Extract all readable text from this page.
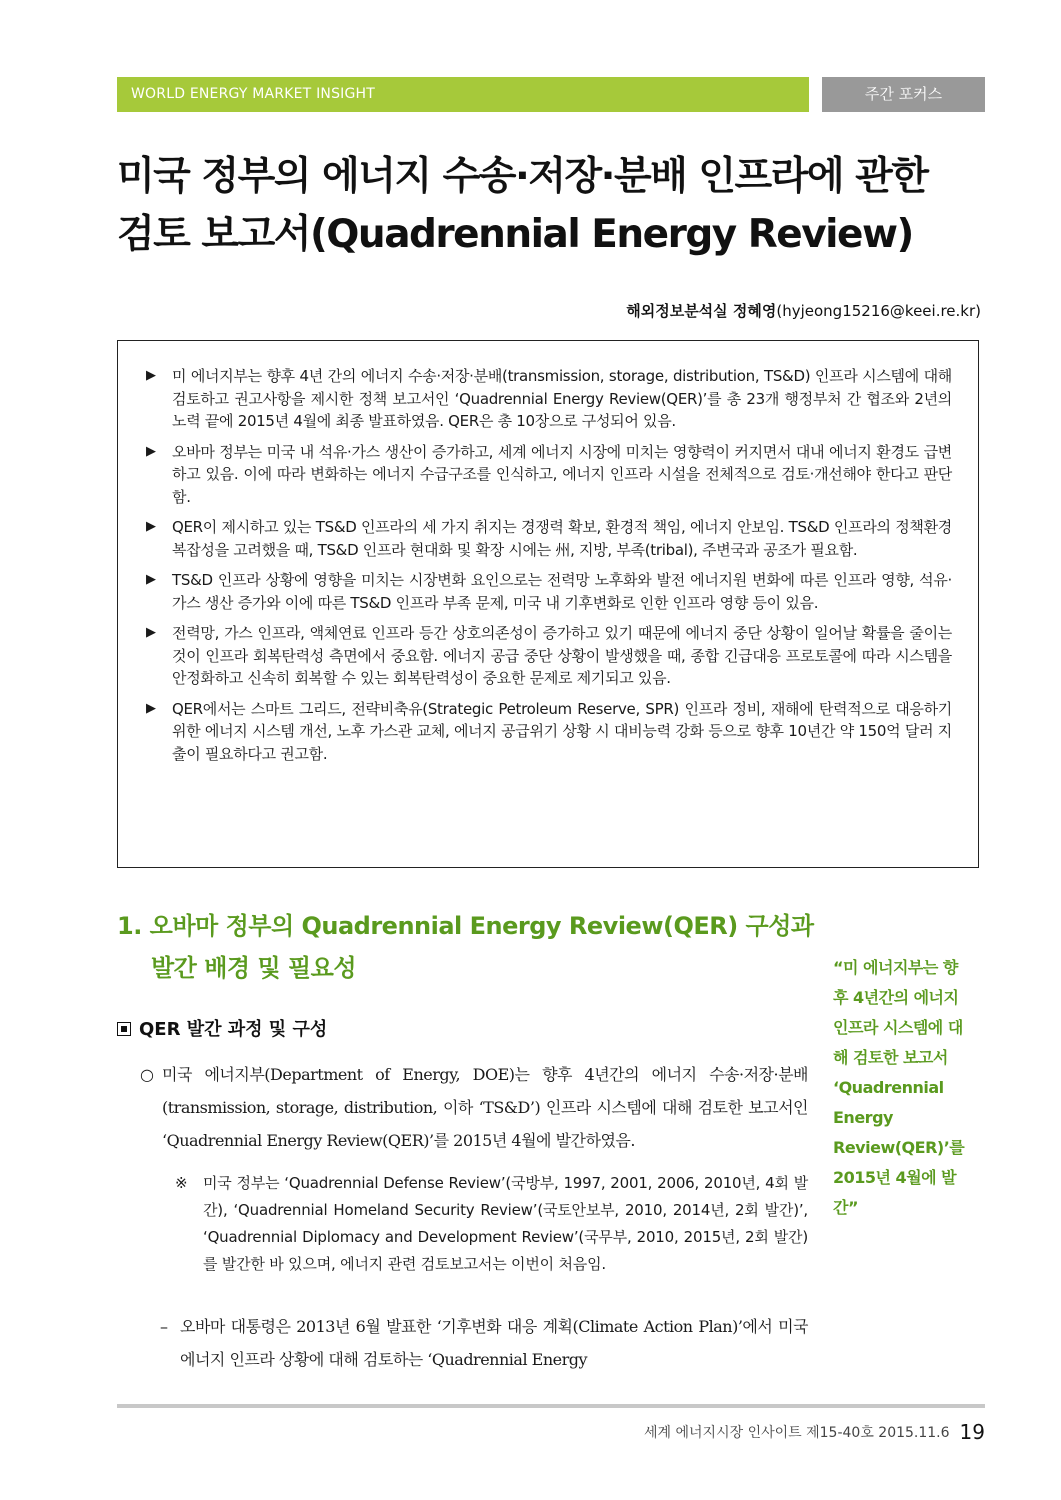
WORLD ENERGY MARKET INSIGHT	주간 포커스
미국 정부의 에너지 수송·저장·분배 인프라에 관한
검토 보고서(Quadrennial Energy Review)
해외정보분석실 정혜영(hyjeong15216@keei.re.kr)
▶ 미 에너지부는 향후 4년 간의 에너지 수송·저장·분배(transmission, storage, distribution, TS&D) 인프라 시스템에 대해 검토하고 권고사항을 제시한 정책 보고서인 ‘Quadrennial Energy Review(QER)’를 총 23개 행정부처 간 협조와 2년의 노력 끝에 2015년 4월에 최종 발표하였음. QER은 총 10장으로 구성되어 있음.
▶ 오바마 정부는 미국 내 석유·가스 생산이 증가하고, 세계 에너지 시장에 미치는 영향력이 커지면서 대내 에너지 환경도 급변하고 있음. 이에 따라 변화하는 에너지 수급구조를 인식하고, 에너지 인프라 시설을 전체적으로 검토·개선해야 한다고 판단함.
▶ QER이 제시하고 있는 TS&D 인프라의 세 가지 취지는 경쟁력 확보, 환경적 책임, 에너지 안보임. TS&D 인프라의 정책환경 복잡성을 고려했을 때, TS&D 인프라 현대화 및 확장 시에는 州, 지방, 부족(tribal), 주변국과 공조가 필요함.
▶ TS&D 인프라 상황에 영향을 미치는 시장변화 요인으로는 전력망 노후화와 발전 에너지원 변화에 따른 인프라 영향, 석유·가스 생산 증가와 이에 따른 TS&D 인프라 부족 문제, 미국 내 기후변화로 인한 인프라 영향 등이 있음.
▶ 전력망, 가스 인프라, 액체연료 인프라 등간 상호의존성이 증가하고 있기 때문에 에너지 중단 상황이 일어날 확률을 줄이는 것이 인프라 회복탄력성 측면에서 중요함. 에너지 공급 중단 상황이 발생했을 때, 종합 긴급대응 프로토콜에 따라 시스템을 안정화하고 신속히 회복할 수 있는 회복탄력성이 중요한 문제로 제기되고 있음.
▶ QER에서는 스마트 그리드, 전략비축유(Strategic Petroleum Reserve, SPR) 인프라 정비, 재해에 탄력적으로 대응하기 위한 에너지 시스템 개선, 노후 가스관 교체, 에너지 공급위기 상황 시 대비능력 강화 등으로 향후 10년간 약 150억 달러 지출이 필요하다고 권고함.
1. 오바마 정부의 Quadrennial Energy Review(QER) 구성과
발간 배경 및 필요성
QER 발간 과정 및 구성
○ 미국 에너지부(Department of Energy, DOE)는 향후 4년간의 에너지 수송·저장·분배(transmission, storage, distribution, 이하 ‘TS&D’) 인프라 시스템에 대해 검토한 보고서인 ‘Quadrennial Energy Review(QER)’를 2015년 4월에 발간하였음.
※ 미국 정부는 ‘Quadrennial Defense Review’(국방부, 1997, 2001, 2006, 2010년, 4회 발간), ‘Quadrennial Homeland Security Review’(국토안보부, 2010, 2014년, 2회 발간)’, ‘Quadrennial Diplomacy and Development Review’(국무부, 2010, 2015년, 2회 발간)를 발간한 바 있으며, 에너지 관련 검토보고서는 이번이 처음임.
– 오바마 대통령은 2013년 6월 발표한 ‘기후변화 대응 계획(Climate Action Plan)’에서 미국 에너지 인프라 상황에 대해 검토하는 ‘Quadrennial Energy
“미 에너지부는 향후 4년간의 에너지 인프라 시스템에 대해 검토한 보고서 ‘Quadrennial Energy Review(QER)’를 2015년 4월에 발간”
세계 에너지시장 인사이트 제15-40호 2015.11.6 19
